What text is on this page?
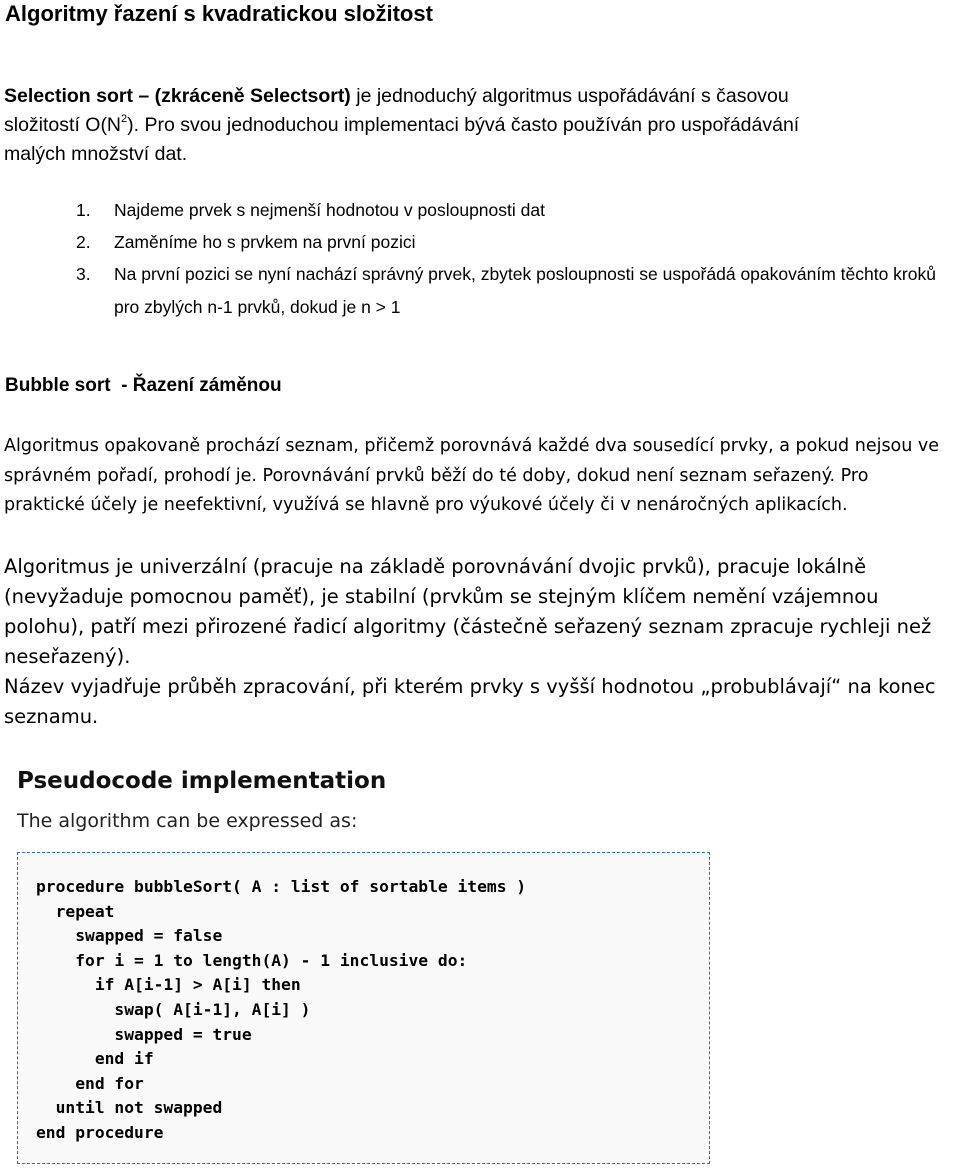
Algoritmy řazení s kvadratickou složitost
Selection sort – (zkráceně Selectsort) je jednoduchý algoritmus uspořádávání s časovou
složitostí $O(N^2)$. Pro svou jednoduchou implementaci bývá často používán pro uspořádávání
malých množství dat.
1. Najdeme prvek s nejmenší hodnotou v posloupnosti dat
2. Zaměníme ho s prvkem na první pozici
3. Na první pozici se nyní nachází správný prvek, zbytek posloupnosti se uspořádá opakováním těchto kroků pro zbylých n-1 prvků, dokud je n > 1
Bubble sort  - Řazení záměnou
Algoritmus opakovaně prochází seznam, přičemž porovnává každé dva sousedící prvky, a pokud nejsou ve správném pořadí, prohodí je. Porovnávání prvků běží do té doby, dokud není seznam seřazený. Pro praktické účely je neefektivní, využívá se hlavně pro výukové účely či v nenáročných aplikacích.

Algoritmus je univerzální (pracuje na základě porovnávání dvojic prvků), pracuje lokálně (nevyžaduje pomocnou paměť), je stabilní (prvkům se stejným klíčem nemění vzájemnou polohu), patří mezi přirozené řadicí algoritmy (částečně seřazený seznam zpracuje rychleji než neseřazený).

Název vyjadřuje průběh zpracování, při kterém prvky s vyšší hodnotou „probublávají“ na konec seznamu.

Pseudocode implementation
The algorithm can be expressed as:
procedure bubbleSort( A : list of sortable items )
repeat
swapped = false
for i = 1 to length(A) - 1 inclusive do:
if A[i-1] > A[i] then
swap( A[i-1], A[i] )
swapped = true
end if
end for
until not swapped
end procedure
